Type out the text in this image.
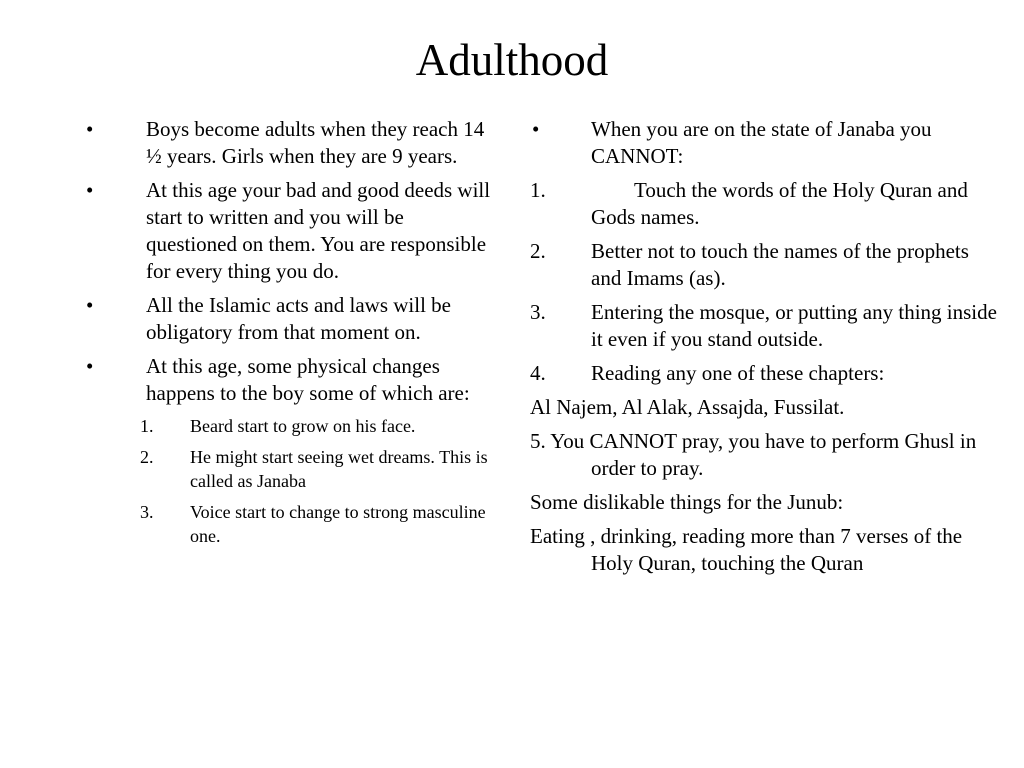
Adulthood
•	Boys become adults when they reach 14 ½ years. Girls when they are 9 years.
•	At this age your bad and good deeds will start to written and you will be questioned on them. You are responsible for every thing you do.
•	All the Islamic acts and laws will be obligatory from that moment on.
•	At this age, some physical changes happens to the boy some of which are:
1. Beard start to grow on his face.
2. He might start seeing wet dreams. This is called as Janaba
3. Voice start to change to strong masculine one.
• When you are on the state of Janaba you CANNOT:
1.	Touch the words of the Holy Quran and Gods names.
2. Better not to touch the names of the prophets and Imams (as).
3. Entering the mosque, or putting any thing inside it even if you stand outside.
4. Reading any one of these chapters:
Al Najem, Al Alak, Assajda, Fussilat.
5. You CANNOT pray, you have to perform Ghusl in order to pray.
Some dislikable things for the Junub:
Eating , drinking, reading more than 7 verses of the Holy Quran, touching the Quran
